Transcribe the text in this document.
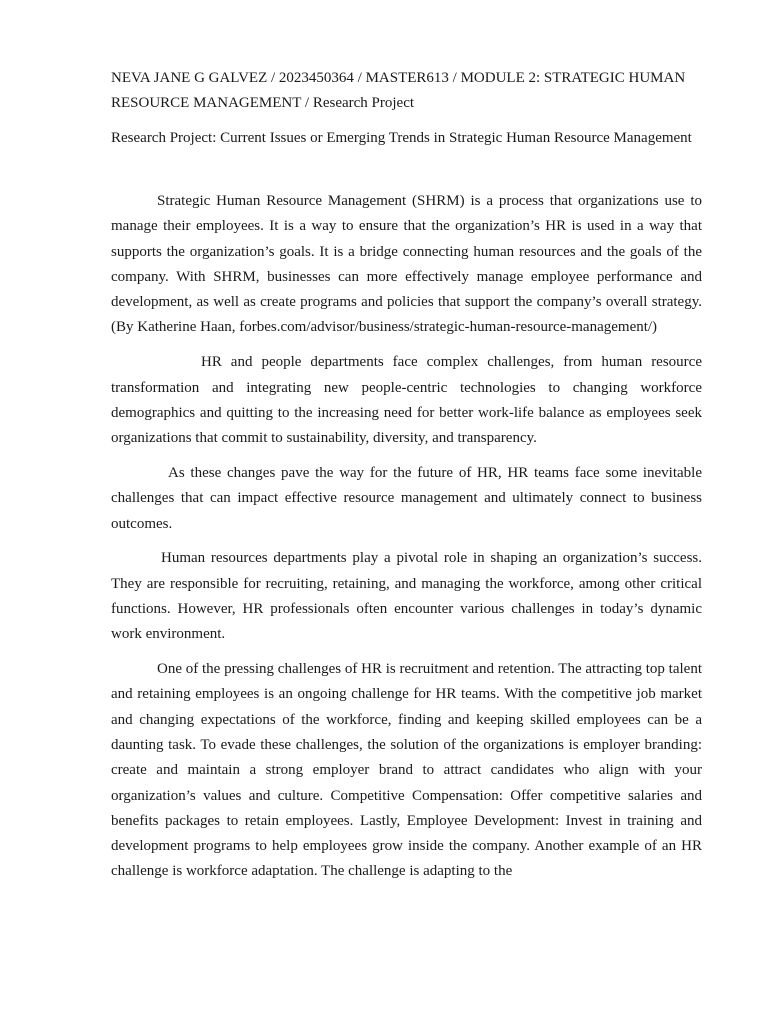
NEVA JANE G GALVEZ / 2023450364 / MASTER613 / MODULE 2: STRATEGIC HUMAN RESOURCE MANAGEMENT / Research Project

Research Project: Current Issues or Emerging Trends in Strategic Human Resource Management

Strategic Human Resource Management (SHRM) is a process that organizations use to manage their employees. It is a way to ensure that the organization’s HR is used in a way that supports the organization’s goals. It is a bridge connecting human resources and the goals of the company. With SHRM, businesses can more effectively manage employee performance and development, as well as create programs and policies that support the company’s overall strategy. (By Katherine Haan, forbes.com/advisor/business/strategic-human-resource-management/)

HR and people departments face complex challenges, from human resource transformation and integrating new people-centric technologies to changing workforce demographics and quitting to the increasing need for better work-life balance as employees seek organizations that commit to sustainability, diversity, and transparency.

As these changes pave the way for the future of HR, HR teams face some inevitable challenges that can impact effective resource management and ultimately connect to business outcomes.

Human resources departments play a pivotal role in shaping an organization’s success. They are responsible for recruiting, retaining, and managing the workforce, among other critical functions. However, HR professionals often encounter various challenges in today’s dynamic work environment.

One of the pressing challenges of HR is recruitment and retention. The attracting top talent and retaining employees is an ongoing challenge for HR teams. With the competitive job market and changing expectations of the workforce, finding and keeping skilled employees can be a daunting task. To evade these challenges, the solution of the organizations is employer branding: create and maintain a strong employer brand to attract candidates who align with your organization’s values and culture. Competitive Compensation: Offer competitive salaries and benefits packages to retain employees. Lastly, Employee Development: Invest in training and development programs to help employees grow inside the company. Another example of an HR challenge is workforce adaptation. The challenge is adapting to the
